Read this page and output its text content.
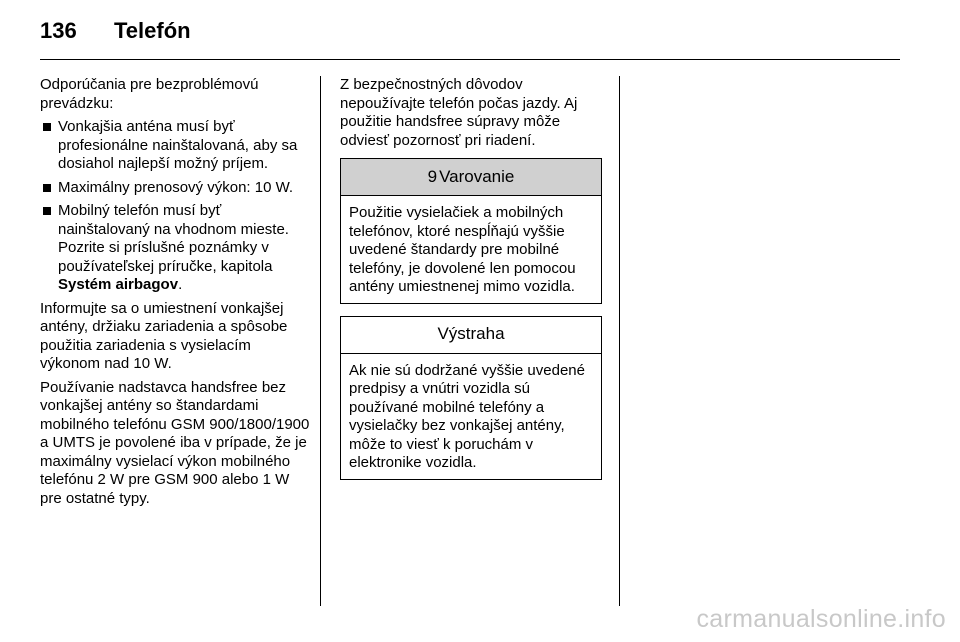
136 Telefón

Odporúčania pre bezproblémovú prevádzku:

Vonkajšia anténa musí byť profesionálne nainštalovaná, aby sa dosiahol najlepší možný príjem.
Maximálny prenosový výkon: 10 W.
Mobilný telefón musí byť nainštalovaný na vhodnom mieste. Pozrite si príslušné poznámky v používateľskej príručke, kapitola Systém airbagov.

Informujte sa o umiestnení vonkajšej antény, držiaku zariadenia a spôsobe použitia zariadenia s vysielacím výkonom nad 10 W.

Používanie nadstavca handsfree bez vonkajšej antény so štandardami mobilného telefónu GSM 900/1800/1900 a UMTS je povolené iba v prípade, že je maximálny vysielací výkon mobilného telefónu 2 W pre GSM 900 alebo 1 W pre ostatné typy.

Z bezpečnostných dôvodov nepoužívajte telefón počas jazdy. Aj použitie handsfree súpravy môže odviesť pozornosť pri riadení.

9 Varovanie
Použitie vysielačiek a mobilných telefónov, ktoré nespĺňajú vyššie uvedené štandardy pre mobilné telefóny, je dovolené len pomocou antény umiestnenej mimo vozidla.
Výstraha
Ak nie sú dodržané vyššie uvedené predpisy a vnútri vozidla sú používané mobilné telefóny a vysielačky bez vonkajšej antény, môže to viesť k poruchám v elektronike vozidla.
carmanualsonline.info
